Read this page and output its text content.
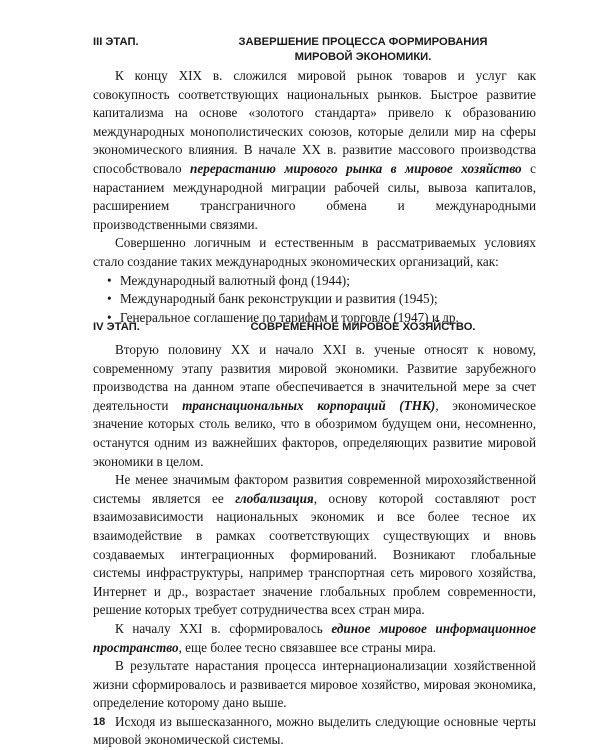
III ЭТАП.	ЗАВЕРШЕНИЕ ПРОЦЕССА ФОРМИРОВАНИЯ МИРОВОЙ ЭКОНОМИКИ.

К концу XIX в. сложился мировой рынок товаров и услуг как совокупность соответствующих национальных рынков. Быстрое развитие капитализма на основе «золотого стандарта» привело к образованию международных монополистических союзов, которые делили мир на сферы экономического влияния. В начале XX в. развитие массового производства способствовало перерастанию мирового рынка в мировое хозяйство с нарастанием международной миграции рабочей силы, вывоза капиталов, расширением трансграничного обмена и международными производственными связями.

Совершенно логичным и естественным в рассматриваемых условиях стало создание таких международных экономических организаций, как:

• Международный валютный фонд (1944);
• Международный банк реконструкции и развития (1945);
• Генеральное соглашение по тарифам и торговле (1947) и др.
IV ЭТАП.	СОВРЕМЕННОЕ МИРОВОЕ ХОЗЯЙСТВО.

Вторую половину XX и начало XXI в. ученые относят к новому, современному этапу развития мировой экономики. Развитие зарубежного производства на данном этапе обеспечивается в значительной мере за счет деятельности транснациональных корпораций (ТНК), экономическое значение которых столь велико, что в обозримом будущем они, несомненно, останутся одним из важнейших факторов, определяющих развитие мировой экономики в целом.

Не менее значимым фактором развития современной мирохозяйственной системы является ее глобализация, основу которой составляют рост взаимозависимости национальных экономик и все более тесное их взаимодействие в рамках соответствующих существующих и вновь создаваемых интеграционных формирований. Возникают глобальные системы инфраструктуры, например транспортная сеть мирового хозяйства, Интернет и др., возрастает значение глобальных проблем современности, решение которых требует сотрудничества всех стран мира.

К началу XXI в. сформировалось единое мировое информационное пространство, еще более тесно связавшее все страны мира.

В результате нарастания процесса интернационализации хозяйственной жизни сформировалось и развивается мировое хозяйство, мировая экономика, определение которому дано выше.

Исходя из вышесказанного, можно выделить следующие основные черты мировой экономической системы.

18
